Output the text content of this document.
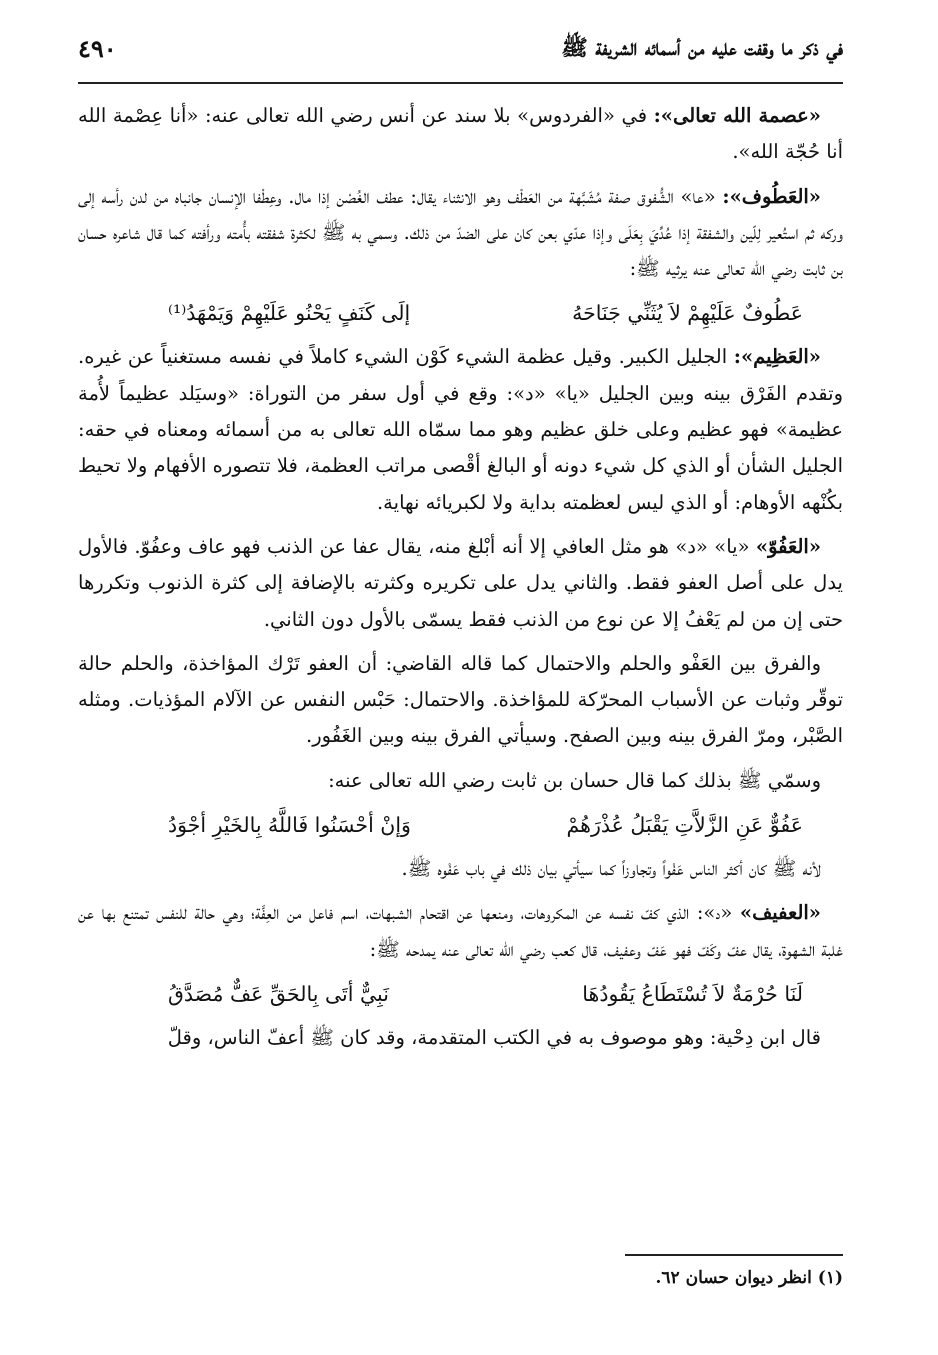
في ذكر ما وقفت عليه من أسمائه الشريفة ﷺ
٤٩٠

«عصمة الله تعالى»: في «الفردوس» بلا سند عن أنس رضي الله تعالى عنه: «أنا عِصْمة الله أنا حُجّة الله».

«العَطُوف»: «عا» الشُّفوق صفة مُشَبَّهة من العَطْف وهو الانثناء يقال: عطف الغُصْن إذا مال. وعِطْفا الإنسان جانباه من لدن رأسه إلى وركه ثم استُعير لِلّين والشفقة إذا عُدِّيَ بِعَلَى وإذا عدّي بعن كان على الضدّ من ذلك. وسمي به ﷺ لكثرة شفقته بأُمته ورأفته كما قال شاعره حسان بن ثابت رضي الله تعالى عنه يرثيه ﷺ:

عَطُوفٌ عَلَيْهِمْ لاَ يُثَنِّي جَنَاحَهُ
إلَى كَنَفٍ يَحْنُو عَلَيْهِمْ وَيَمْهَدُ⁽¹⁾

«العَظِيم»: الجليل الكبير. وقيل عظمة الشيء كَوْن الشيء كاملاً في نفسه مستغنياً عن غيره. وتقدم الفَرْق بينه وبين الجليل «يا» «د»: وقع في أول سفر من التوراة: «وسيَلد عظيماً لأُمة عظيمة» فهو عظيم وعلى خلق عظيم وهو مما سمّاه الله تعالى به من أسمائه ومعناه في حقه: الجليل الشأن أو الذي كل شيء دونه أو البالغ أقْصى مراتب العظمة، فلا تتصوره الأفهام ولا تحيط بكُنْهه الأوهام: أو الذي ليس لعظمته بداية ولا لكبريائه نهاية.

«العَفُوّ» «يا» «د» هو مثل العافي إلا أنه أبْلغ منه، يقال عفا عن الذنب فهو عاف وعفُوّ. فالأول يدل على أصل العفو فقط. والثاني يدل على تكريره وكثرته بالإضافة إلى كثرة الذنوب وتكررها حتى إن من لم يَعْفُ إلا عن نوع من الذنب فقط يسمّى بالأول دون الثاني.

والفرق بين العَفْو والحلم والاحتمال كما قاله القاضي: أن العفو تَرْك المؤاخذة، والحلم حالة توقّر وثبات عن الأسباب المحرّكة للمؤاخذة. والاحتمال: حَبْس النفس عن الآلام المؤذيات. ومثله الصَّبْر، ومرّ الفرق بينه وبين الصفح. وسيأتي الفرق بينه وبين الغَفُور.

وسمّي ﷺ بذلك كما قال حسان بن ثابت رضي الله تعالى عنه:

عَفُوٌّ عَنِ الزَّلاَّتِ يَقْبَلُ عُذْرَهُمْ
وَإنْ أحْسَنُوا فَاللَّهُ بِالخَيْرِ أجْوَدُ

لأنه ﷺ كان أكثر الناس عَفْواً وتجاوزاً كما سيأتي بيان ذلك في باب عَفْوه ﷺ.

«العفيف» «د»: الذي كفّ نفسه عن المكروهات، ومنعها عن اقتحام الشبهات، اسم فاعل من العِفَّة؛ وهي حالة للنفس تمتنع بها عن غلبة الشهوة، يقال عفّ وكَفّ فهو عَفّ وعفيف، قال كعب رضي الله تعالى عنه يمدحه ﷺ:

لَنَا حُرْمَةٌ لاَ تُسْتَطَاعُ يَقُودُهَا
نَبِيٌّ أتَى بِالحَقِّ عَفٌّ مُصَدَّقُ

قال ابن دِحْية: وهو موصوف به في الكتب المتقدمة، وقد كان ﷺ أعفّ الناس، وقلّ

(١) انظر ديوان حسان ٦٢.
